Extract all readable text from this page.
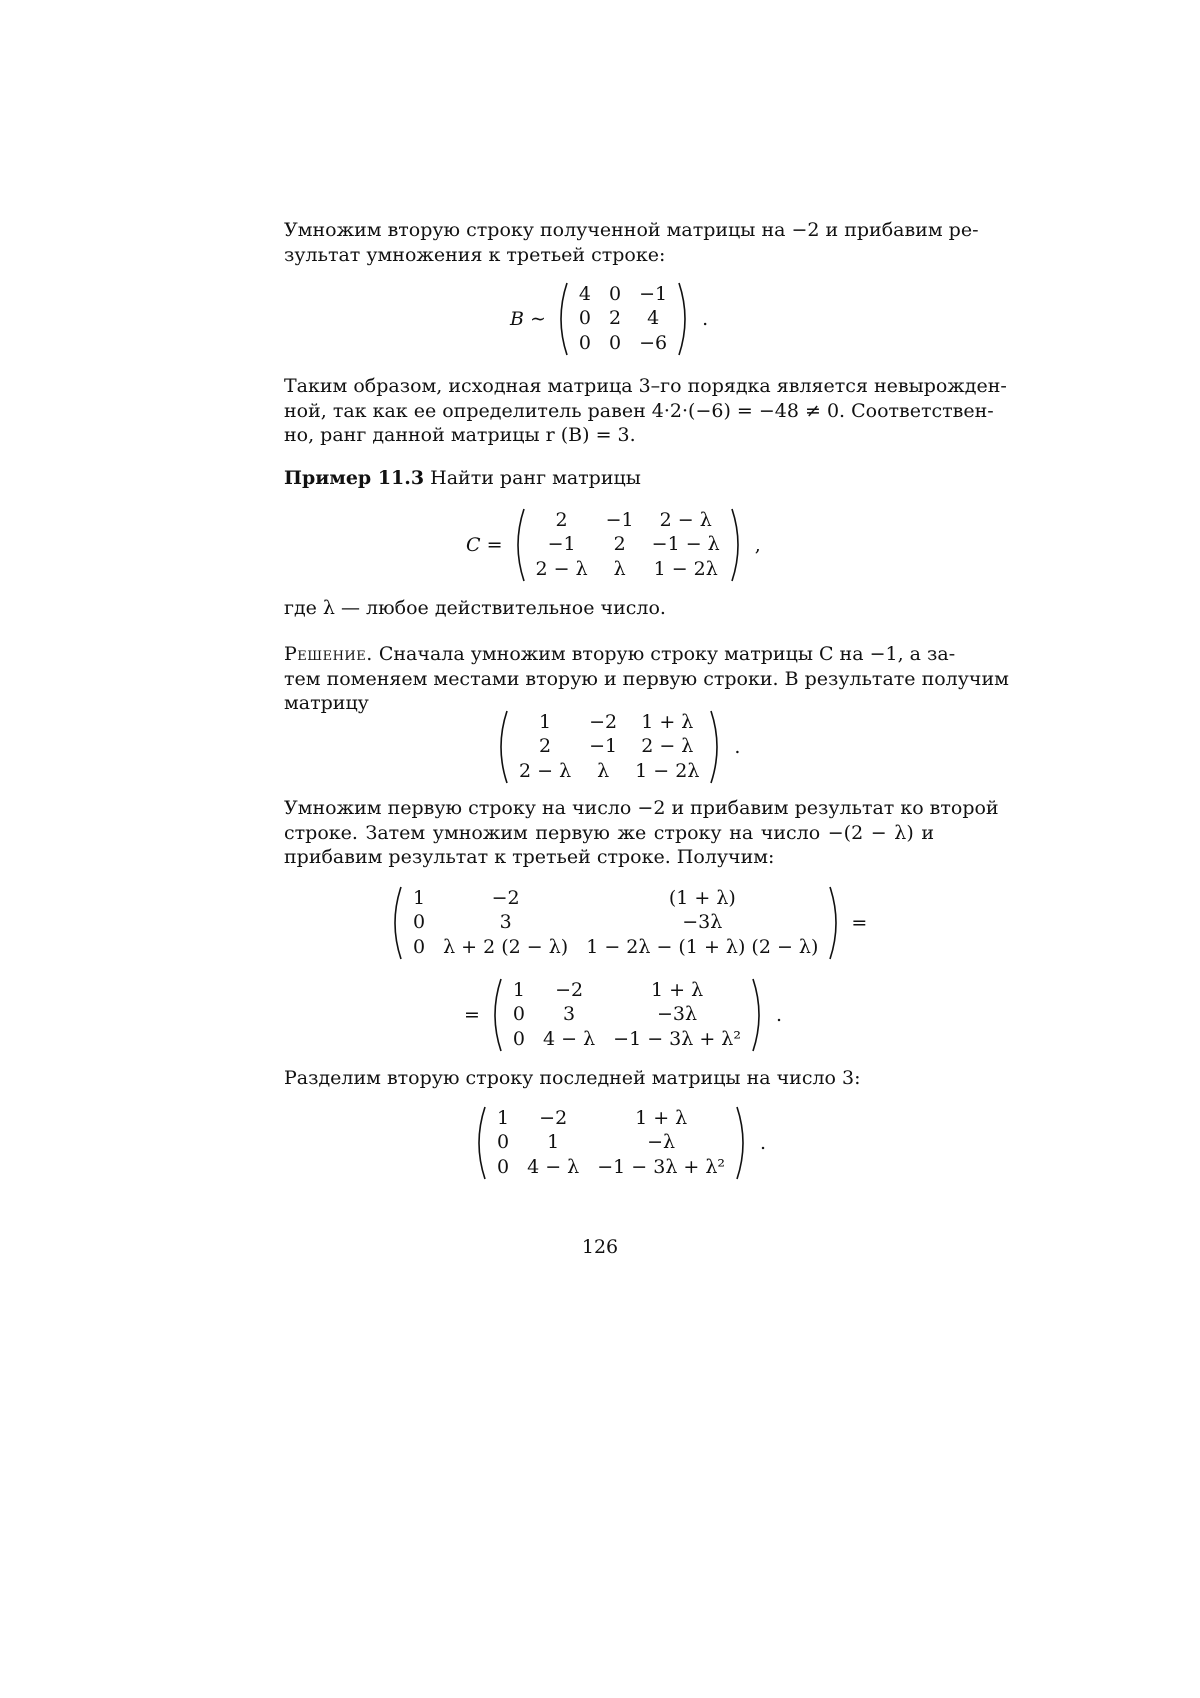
Умножим вторую строку полученной матрицы на −2 и прибавим ре-
зультат умножения к третьей строке:
B ∼
4	0	−1
0	2	4
0	0	−6
.
Таким образом, исходная матрица 3–го порядка является невырожден-
ной, так как ее определитель равен 4·2·(−6) = −48 ≠ 0. Соответствен-
но, ранг данной матрицы r (B) = 3.
Пример 11.3 Найти ранг матрицы
C =
2	−1	2 − λ
−1	2	−1 − λ
2 − λ	λ	1 − 2λ
,
где λ — любое действительное число.
Решение. Сначала умножим вторую строку матрицы C на −1, а за-
тем поменяем местами вторую и первую строки. В результате получим
матрицу
1	−2	1 + λ
2	−1	2 − λ
2 − λ	λ	1 − 2λ
.
Умножим первую строку на число −2 и прибавим результат ко второй
строке. Затем умножим первую же строку на число −(2 − λ) и
прибавим результат к третьей строке. Получим:
1	−2	(1 + λ)
0	3	−3λ
0	λ + 2 (2 − λ)	1 − 2λ − (1 + λ) (2 − λ)
=
=
1	−2	1 + λ
0	3	−3λ
0	4 − λ	−1 − 3λ + λ²
.
Разделим вторую строку последней матрицы на число 3:
1	−2	1 + λ
0	1	−λ
0	4 − λ	−1 − 3λ + λ²
.
126
